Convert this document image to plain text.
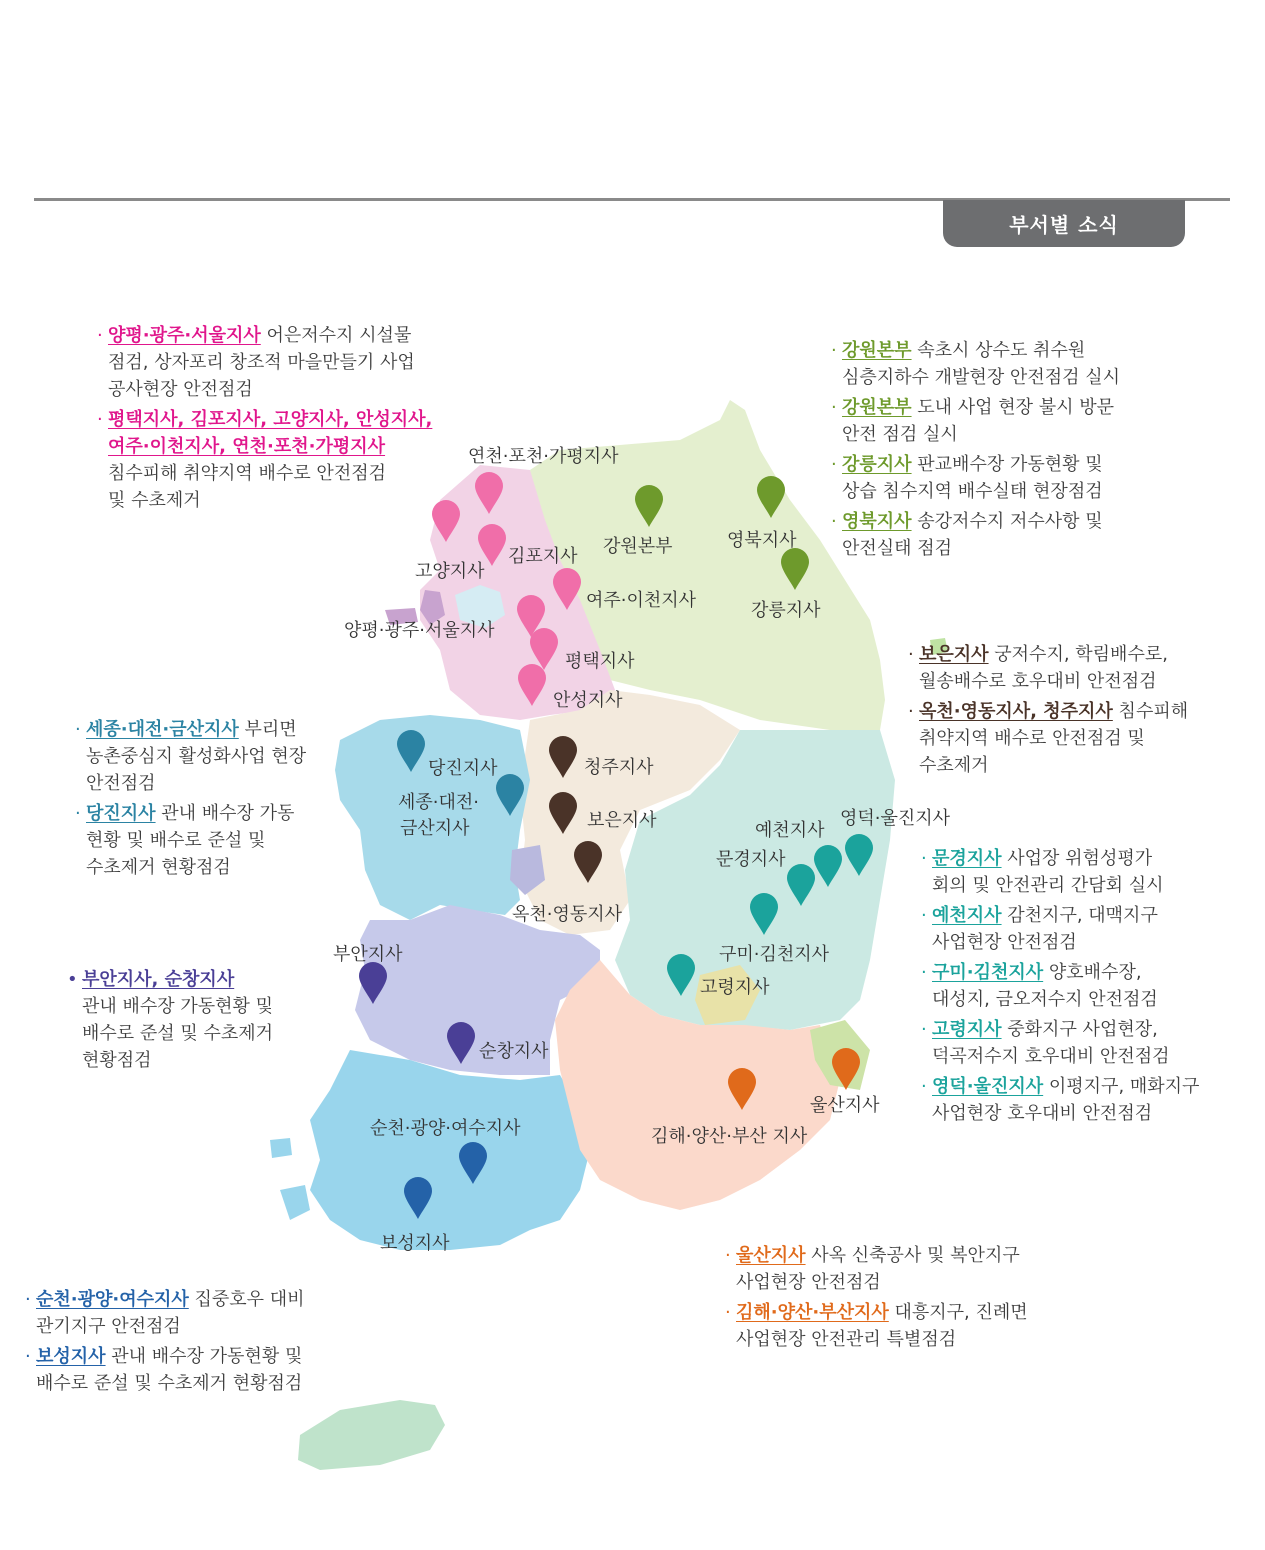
부서별 소식
연천·포천·가평지사
김포지사
고양지사
강원본부	영북지사
강릉지사
여주·이천지사
양평·광주·서울지사
평택지사
안성지사
당진지사
세종·대전·
금산지사
청주지사
보은지사
옥천·영동지사
예천지사
영덕·울진지사
문경지사
구미·김천지사
고령지사
부안지사
순창지사
순천·광양·여수지사
보성지사
김해·양산·부산 지사
울산지사
· 양평·광주·서울지사 어은저수지 시설물
점검, 상자포리 창조적 마을만들기 사업
공사현장 안전점검
· 평택지사, 김포지사, 고양지사, 안성지사,
여주·이천지사, 연천·포천·가평지사
침수피해 취약지역 배수로 안전점검
및 수초제거
· 강원본부 속초시 상수도 취수원
심층지하수 개발현장 안전점검 실시
· 강원본부 도내 사업 현장 불시 방문
안전 점검 실시
· 강릉지사 판교배수장 가동현황 및
상습 침수지역 배수실태 현장점검
· 영북지사 송강저수지 저수사항 및
안전실태 점검
· 보은지사 궁저수지, 학림배수로,
월송배수로 호우대비 안전점검
· 옥천·영동지사, 청주지사 침수피해
취약지역 배수로 안전점검 및
수초제거
· 세종·대전·금산지사 부리면
농촌중심지 활성화사업 현장
안전점검
· 당진지사 관내 배수장 가동
현황 및 배수로 준설 및
수초제거 현황점검
• 부안지사, 순창지사
관내 배수장 가동현황 및
배수로 준설 및 수초제거
현황점검
· 문경지사 사업장 위험성평가
회의 및 안전관리 간담회 실시
· 예천지사 감천지구, 대맥지구
사업현장 안전점검
· 구미·김천지사 양호배수장,
대성지, 금오저수지 안전점검
· 고령지사 중화지구 사업현장,
덕곡저수지 호우대비 안전점검
· 영덕·울진지사 이평지구, 매화지구
사업현장 호우대비 안전점검
· 울산지사 사옥 신축공사 및 복안지구
사업현장 안전점검
· 김해·양산·부산지사 대흥지구, 진례면
사업현장 안전관리 특별점검
· 순천·광양·여수지사 집중호우 대비
관기지구 안전점검
· 보성지사 관내 배수장 가동현황 및
배수로 준설 및 수초제거 현황점검
